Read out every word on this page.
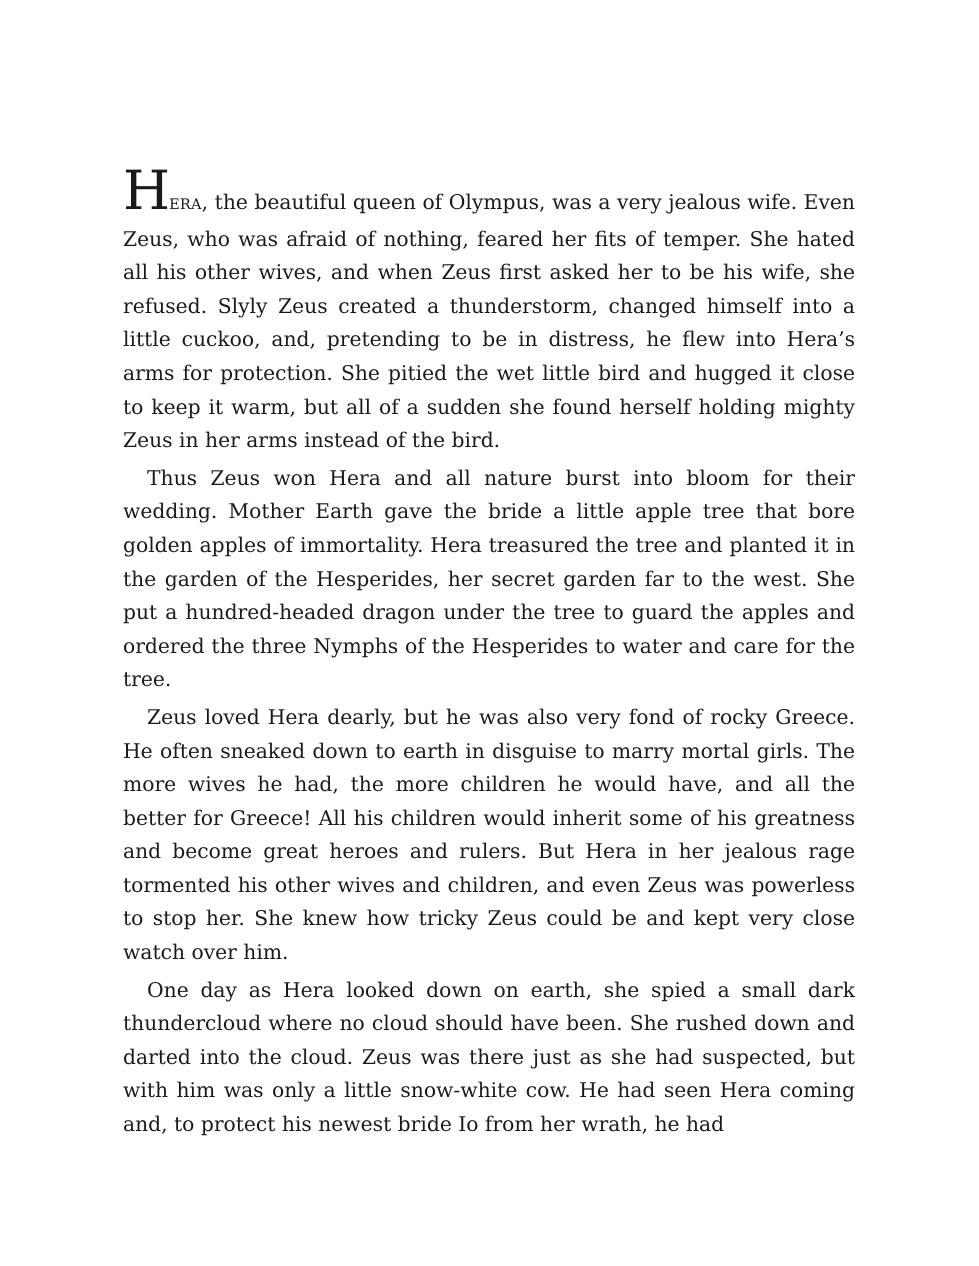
HERA, the beautiful queen of Olympus, was a very jealous wife. Even Zeus, who was afraid of nothing, feared her fits of temper. She hated all his other wives, and when Zeus first asked her to be his wife, she refused. Slyly Zeus created a thunderstorm, changed himself into a little cuckoo, and, pretending to be in distress, he flew into Hera’s arms for protection. She pitied the wet little bird and hugged it close to keep it warm, but all of a sudden she found herself holding mighty Zeus in her arms instead of the bird.

Thus Zeus won Hera and all nature burst into bloom for their wedding. Mother Earth gave the bride a little apple tree that bore golden apples of immortality. Hera treasured the tree and planted it in the garden of the Hesperides, her secret garden far to the west. She put a hundred-headed dragon under the tree to guard the apples and ordered the three Nymphs of the Hesperides to water and care for the tree.

Zeus loved Hera dearly, but he was also very fond of rocky Greece. He often sneaked down to earth in disguise to marry mortal girls. The more wives he had, the more children he would have, and all the better for Greece! All his children would inherit some of his greatness and become great heroes and rulers. But Hera in her jealous rage tormented his other wives and children, and even Zeus was powerless to stop her. She knew how tricky Zeus could be and kept very close watch over him.

One day as Hera looked down on earth, she spied a small dark thundercloud where no cloud should have been. She rushed down and darted into the cloud. Zeus was there just as she had suspected, but with him was only a little snow-white cow. He had seen Hera coming and, to protect his newest bride Io from her wrath, he had
